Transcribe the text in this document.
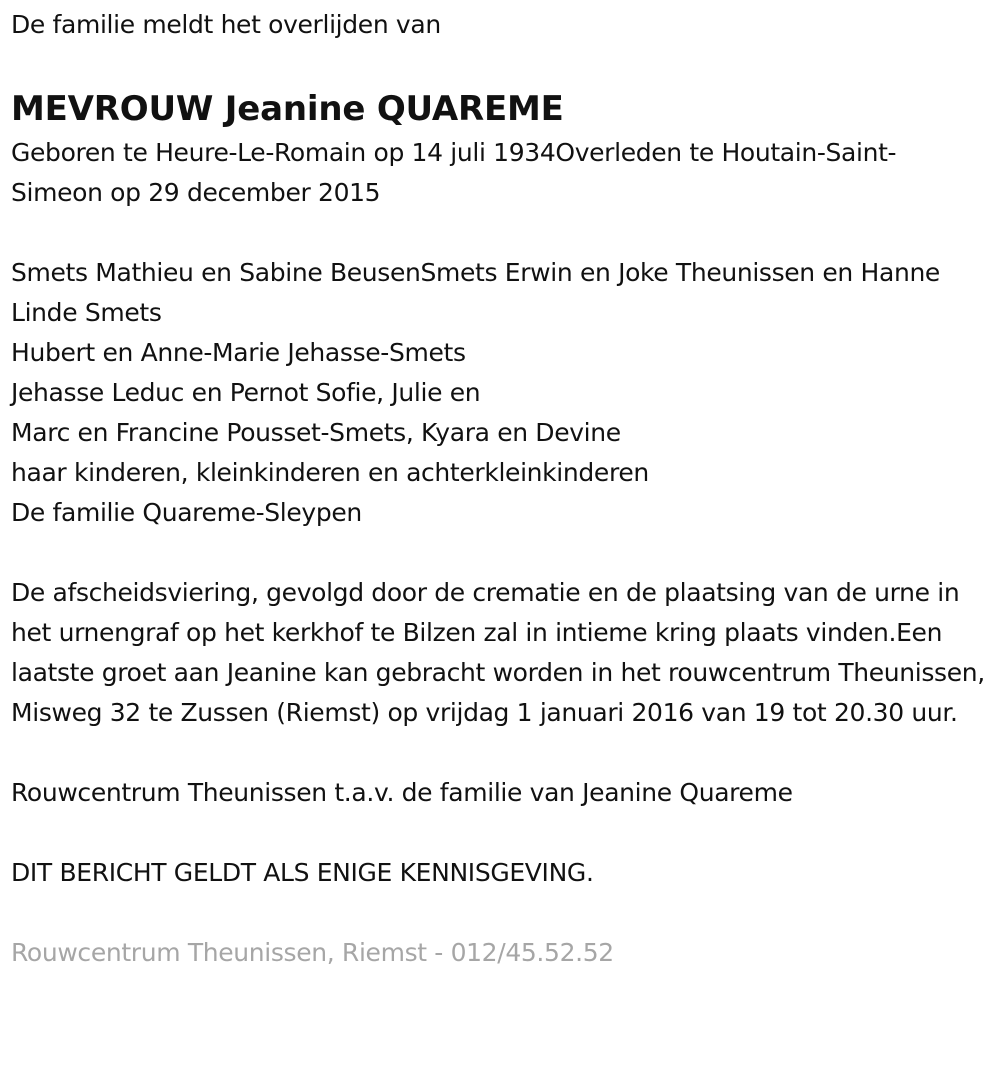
De familie meldt het overlijden van
MEVROUW Jeanine QUAREME
Geboren te Heure-Le-Romain op 14 juli 1934Overleden te Houtain-Saint-Simeon op 29 december 2015
Smets Mathieu en Sabine BeusenSmets Erwin en Joke Theunissen en Hanne
Linde Smets
Hubert en Anne-Marie Jehasse-Smets
Jehasse Leduc en Pernot Sofie, Julie en
Marc en Francine Pousset-Smets, Kyara en Devine
haar kinderen, kleinkinderen en achterkleinkinderen
De familie Quareme-Sleypen
De afscheidsviering, gevolgd door de crematie en de plaatsing van de urne in het urnengraf op het kerkhof te Bilzen zal in intieme kring plaats vinden.Een laatste groet aan Jeanine kan gebracht worden in het rouwcentrum Theunissen, Misweg 32 te Zussen (Riemst) op vrijdag 1 januari 2016 van 19 tot 20.30 uur.
Rouwcentrum Theunissen t.a.v. de familie van Jeanine Quareme
DIT BERICHT GELDT ALS ENIGE KENNISGEVING.
Rouwcentrum Theunissen, Riemst - 012/45.52.52
